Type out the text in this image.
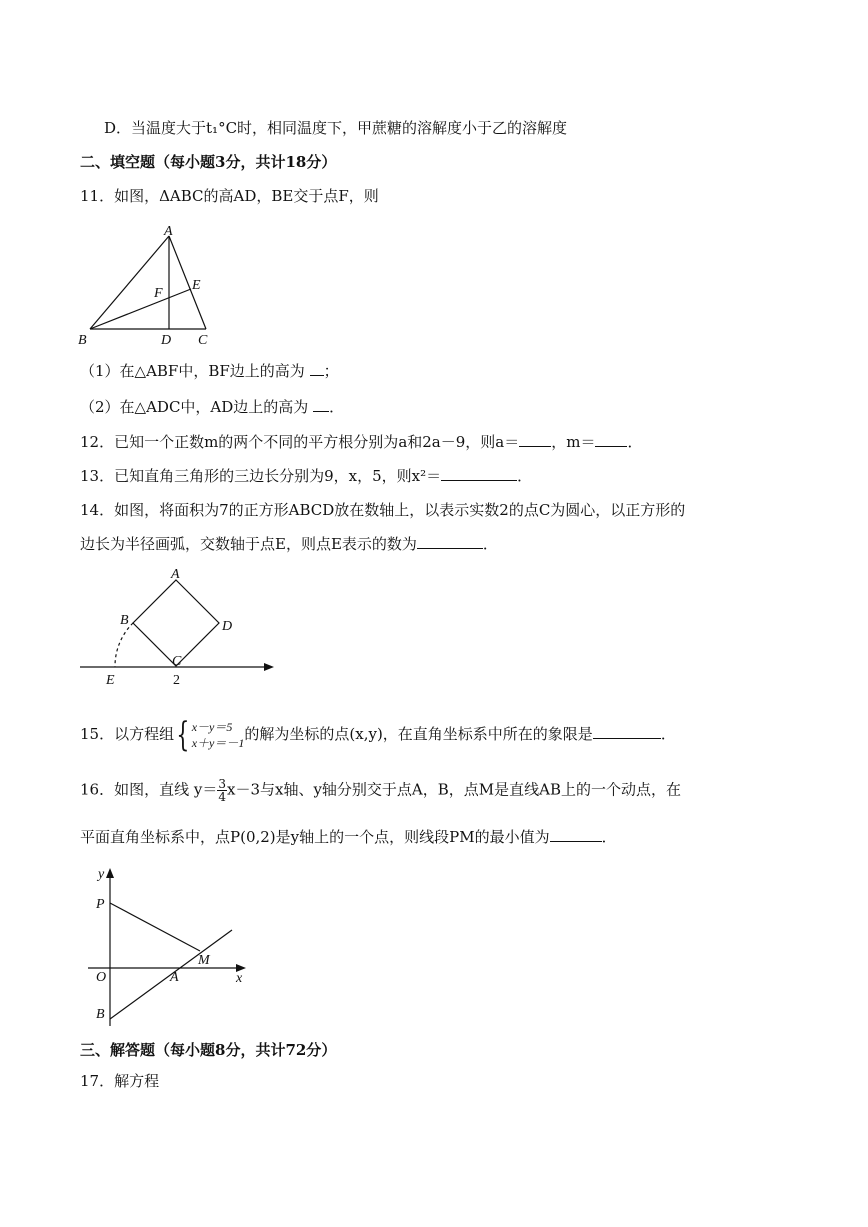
D．当温度大于t₁°C时，相同温度下，甲蔗糖的溶解度小于乙的溶解度
二、填空题（每小题3分，共计18分）
11．如图，ΔABC的高AD，BE交于点F，则
A
E
F
B	D C
（1）在△ABF中，BF边上的高为 ；
（2）在△ADC中，AD边上的高为 ．
12．已知一个正数m的两个不同的平方根分别为a和2a－9，则a＝ ，m＝ ．
13．已知直角三角形的三边长分别为9，x，5，则x²＝	．
14．如图，将面积为7的正方形ABCD放在数轴上，以表示实数2的点C为圆心，以正方形的
边长为半径画弧，交数轴于点E，则点E表示的数为	．
A
B	D
C
E	2
15．以方程组{ x－y＝5
x＋y＝－1 的解为坐标的点(x,y)，在直角坐标系中所在的象限是	．
16．如图，直线 $y= \frac{3}{4} x-3$与x轴、y轴分别交于点A，B，点M是直线AB上的一个动点，在
平面直角坐标系中，点P(0,2)是y轴上的一个点，则线段PM的最小值为	．
y
P
M
O	A	x
B
三、解答题（每小题8分，共计72分）
17．解方程
